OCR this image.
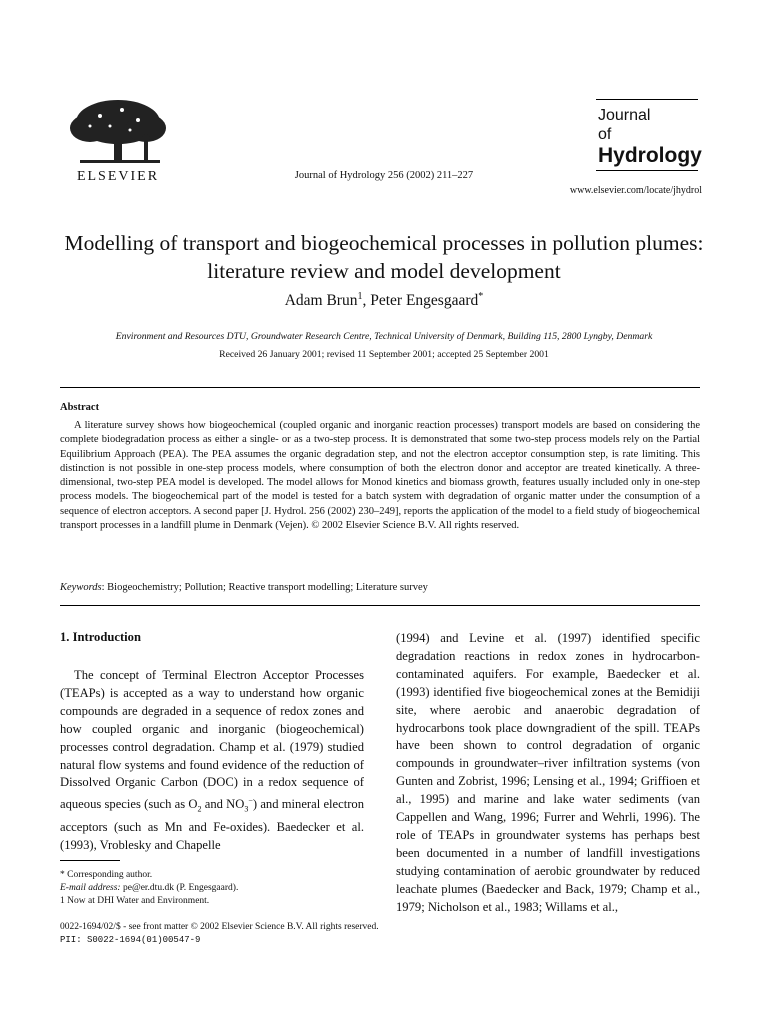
ELSEVIER	Journal of Hydrology 256 (2002) 211–227
Journal
of
Hydrology
www.elsevier.com/locate/jhydrol
Modelling of transport and biogeochemical processes in pollution plumes: literature review and model development
Adam Brun$^1$, Peter Engesgaard*
Environment and Resources DTU, Groundwater Research Centre, Technical University of Denmark, Building 115, 2800 Lyngby, Denmark
Received 26 January 2001; revised 11 September 2001; accepted 25 September 2001
Abstract

A literature survey shows how biogeochemical (coupled organic and inorganic reaction processes) transport models are based on considering the complete biodegradation process as either a single- or as a two-step process. It is demonstrated that some two-step process models rely on the Partial Equilibrium Approach (PEA). The PEA assumes the organic degradation step, and not the electron acceptor consumption step, is rate limiting. This distinction is not possible in one-step process models, where consumption of both the electron donor and acceptor are treated kinetically. A three-dimensional, two-step PEA model is developed. The model allows for Monod kinetics and biomass growth, features usually included only in one-step process models. The biogeochemical part of the model is tested for a batch system with degradation of organic matter under the consumption of a sequence of electron acceptors. A second paper [J. Hydrol. 256 (2002) 230–249], reports the application of the model to a field study of biogeochemical transport processes in a landfill plume in Denmark (Vejen). © 2002 Elsevier Science B.V. All rights reserved.

Keywords: Biogeochemistry; Pollution; Reactive transport modelling; Literature survey
1. Introduction

The concept of Terminal Electron Acceptor Processes (TEAPs) is accepted as a way to understand how organic compounds are degraded in a sequence of redox zones and how coupled organic and inorganic (biogeochemical) processes control degradation. Champ et al. (1979) studied natural flow systems and found evidence of the reduction of Dissolved Organic Carbon (DOC) in a redox sequence of aqueous species (such as $O_2$ and $NO_3^-$) and mineral electron acceptors (such as Mn and Fe-oxides). Baedecker et al. (1993), Vroblesky and Chapelle

(1994) and Levine et al. (1997) identified specific degradation reactions in redox zones in hydrocarbon-contaminated aquifers. For example, Baedecker et al. (1993) identified five biogeochemical zones at the Bemidiji site, where aerobic and anaerobic degradation of hydrocarbons took place downgradient of the spill. TEAPs have been shown to control degradation of organic compounds in groundwater–river infiltration systems (von Gunten and Zobrist, 1996; Lensing et al., 1994; Griffioen et al., 1995) and marine and lake water sediments (van Cappellen and Wang, 1996; Furrer and Wehrli, 1996). The role of TEAPs in groundwater systems has perhaps best been documented in a number of landfill investigations studying contamination of aerobic groundwater by reduced leachate plumes (Baedecker and Back, 1979; Champ et al., 1979; Nicholson et al., 1983; Willams et al.,

* Corresponding author.
E-mail address: pe@er.dtu.dk (P. Engesgaard).
1 Now at DHI Water and Environment.
0022-1694/02/$ - see front matter © 2002 Elsevier Science B.V. All rights reserved.
PII: S0022-1694(01)00547-9
